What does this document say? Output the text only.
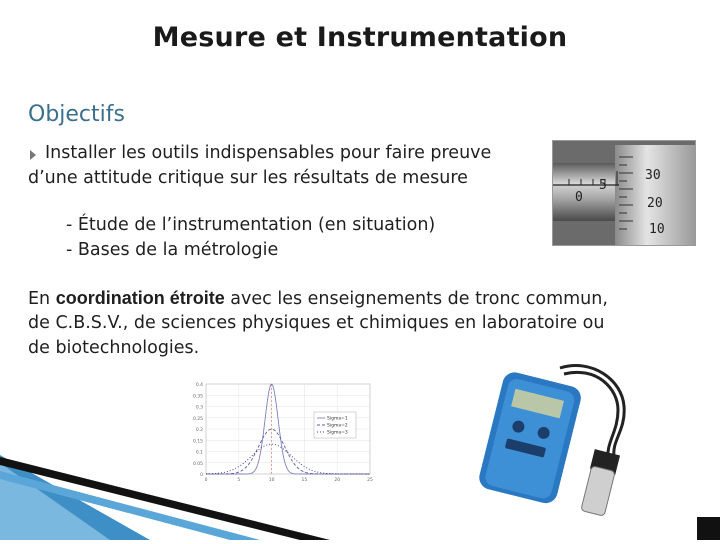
Mesure et Instrumentation
Objectifs
Installer les outils indispensables pour faire preuve
d’une attitude critique sur les résultats de mesure
- Étude de l’instrumentation (en situation)
- Bases de la métrologie
En coordination étroite avec les enseignements de tronc commun,
de C.B.S.V., de sciences physiques et chimiques en laboratoire ou
de biotechnologies.
0
5
30
20
10
0.4
0.35
0.3
0.25
0.2
0.15
0.1
0.05
0
0	5	10	15	20	25
Sigma=1
Sigma=2
Sigma=3
